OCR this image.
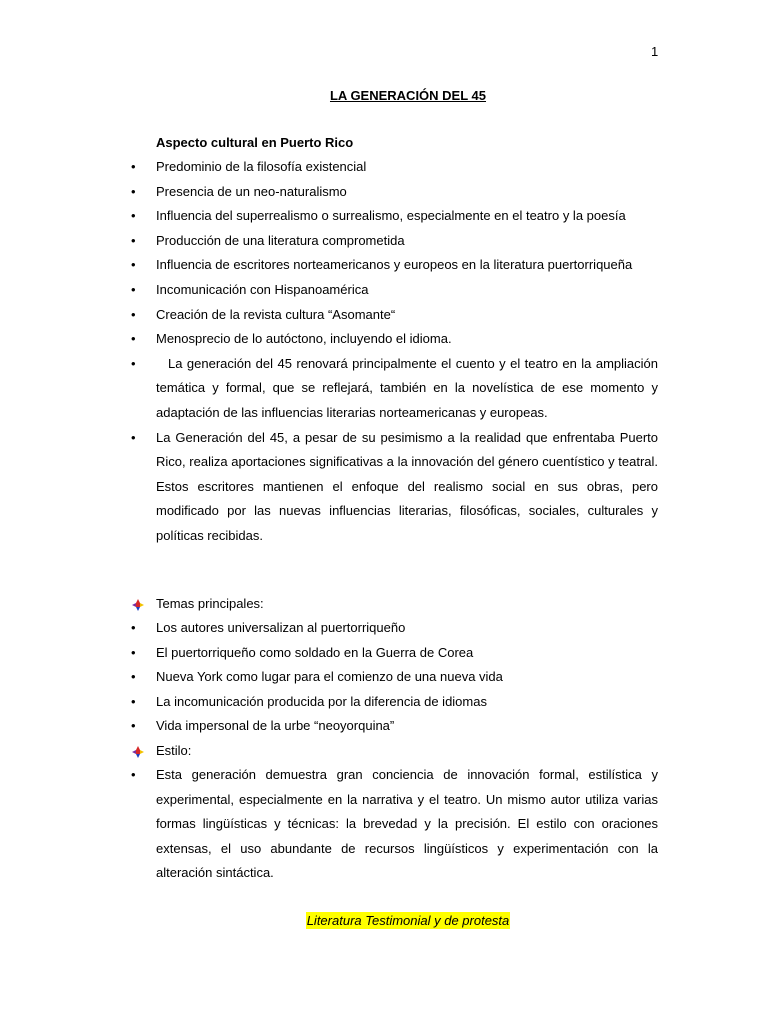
1
LA GENERACIÓN DEL 45
Aspecto cultural en Puerto Rico
• Predominio de la filosofía existencial
• Presencia de un neo-naturalismo
• Influencia del superrealismo o surrealismo, especialmente en el teatro y la poesía
• Producción de una literatura comprometida
• Influencia de escritores norteamericanos y europeos en la literatura puertorriqueña
• Incomunicación con Hispanoamérica
• Creación de la revista cultura “Asomante“
• Menosprecio de lo autóctono, incluyendo el idioma.
• La generación del 45 renovará principalmente el cuento y el teatro en la ampliación temática y formal, que se reflejará, también en la novelística de ese momento y adaptación de las influencias literarias norteamericanas y europeas.
• La Generación del 45, a pesar de su pesimismo a la realidad que enfrentaba Puerto Rico, realiza aportaciones significativas a la innovación del género cuentístico y teatral. Estos escritores mantienen el enfoque del realismo social en sus obras, pero modificado por las nuevas influencias literarias, filosóficas, sociales, culturales y políticas recibidas.
Temas principales:
• Los autores universalizan al puertorriqueño
• El puertorriqueño como soldado en la Guerra de Corea
• Nueva York como lugar para el comienzo de una nueva vida
• La incomunicación producida por la diferencia de idiomas
• Vida impersonal de la urbe “neoyorquina”
Estilo:
• Esta generación demuestra gran conciencia de innovación formal, estilística y experimental, especialmente en la narrativa y el teatro. Un mismo autor utiliza varias formas lingüísticas y técnicas: la brevedad y la precisión. El estilo con oraciones extensas, el uso abundante de recursos lingüísticos y experimentación con la alteración sintáctica.
Literatura Testimonial y de protesta
